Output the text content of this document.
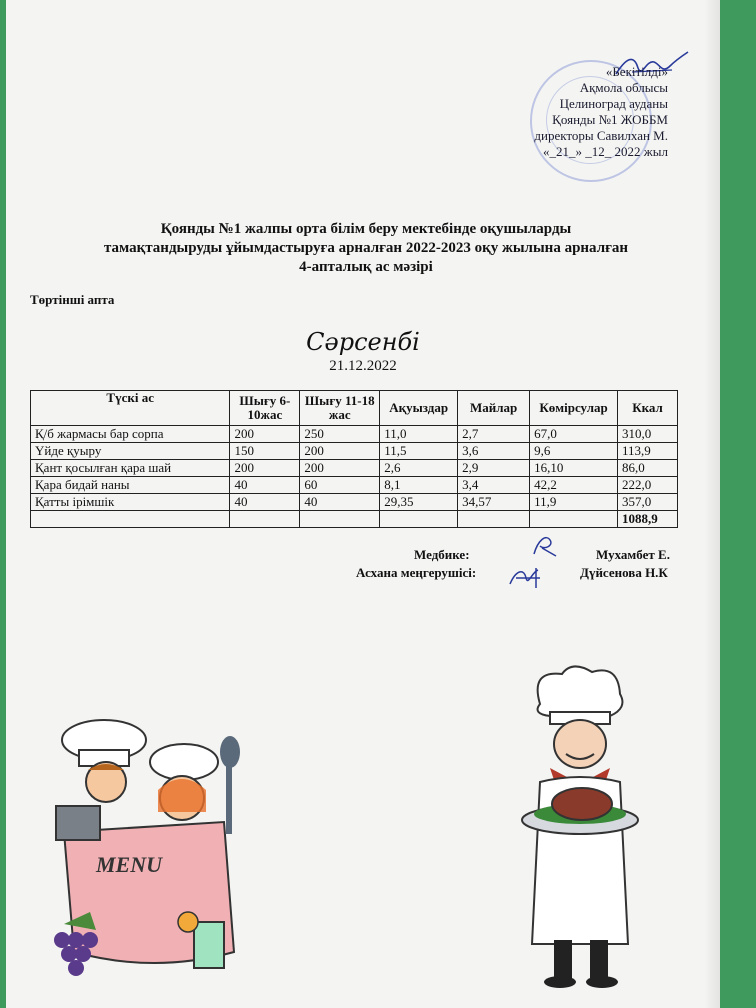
«Бекітілді»
Ақмола облысы
Целиноград ауданы
Қоянды №1 ЖОББМ
директоры Савилхан М.
«_21_» _12_ 2022 жыл
Қоянды №1 жалпы орта білім беру мектебінде оқушыларды
тамақтандыруды ұйымдастыруға арналған 2022-2023 оқу жылына арналған
4-апталық ас мәзірі
Төртінші апта
Сәрсенбі
21.12.2022
Түскі ас	Шығу 6-10жас	Шығу 11-18 жас	Ақуыздар	Майлар	Көмірсулар	Ккал
Қ/б жармасы бар сорпа	200	250	11,0	2,7	67,0	310,0
Үйде қуыру	150	200	11,5	3,6	9,6	113,9
Қант қосылған қара шай	200	200	2,6	2,9	16,10	86,0
Қара бидай наны	40	60	8,1	3,4	42,2	222,0
Қатты ірімшік	40	40	29,35	34,57	11,9	357,0
						1088,9
Медбике:
Асхана меңгерушісі:
Мухамбет Е.
Дүйсенова Н.К
MENU
